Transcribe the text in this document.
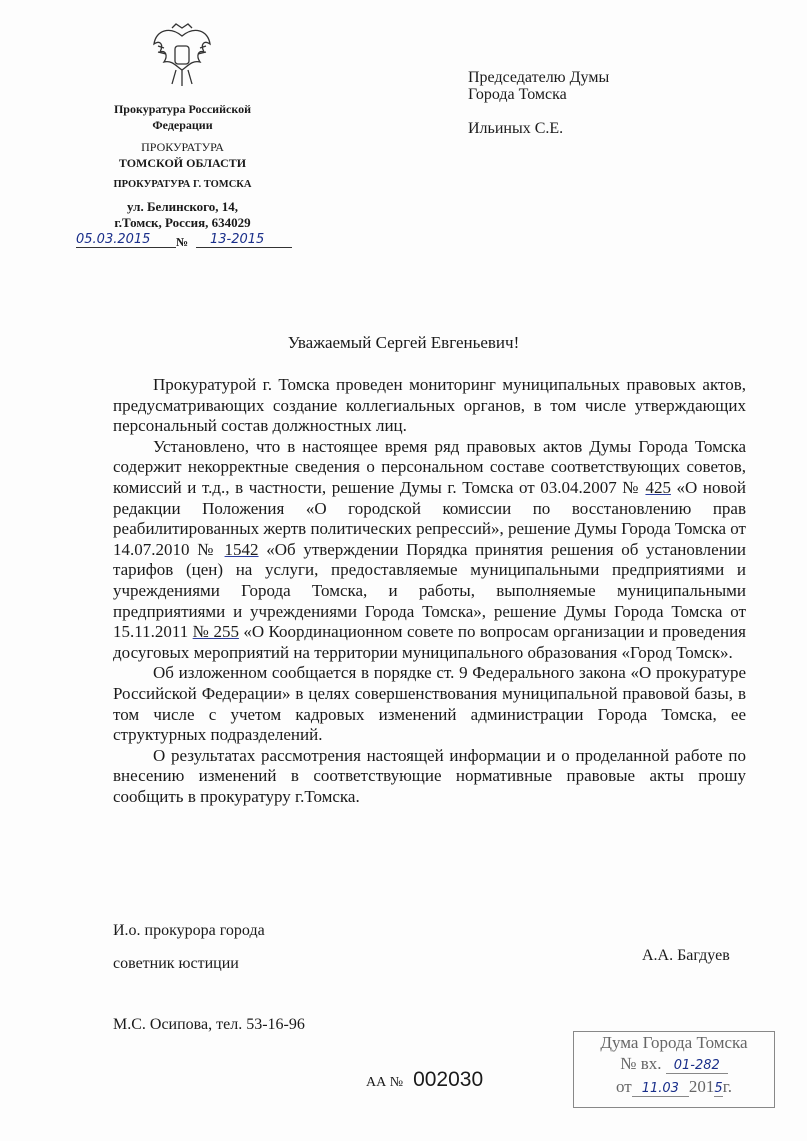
Прокуратура Российской
Федерации
ПРОКУРАТУРА
ТОМСКОЙ ОБЛАСТИ
ПРОКУРАТУРА Г. ТОМСКА
ул. Белинского, 14,
г.Томск, Россия, 634029
05.03.2015	№	13-2015
Председателю Думы
Города Томска
Ильиных С.Е.
Уважаемый Сергей Евгеньевич!

Прокуратурой г. Томска проведен мониторинг муниципальных правовых актов, предусматривающих создание коллегиальных органов, в том числе утверждающих персональный состав должностных лиц.

Установлено, что в настоящее время ряд правовых актов Думы Города Томска содержит некорректные сведения о персональном составе соответствующих советов, комиссий и т.д., в частности, решение Думы г. Томска от 03.04.2007 № 425 «О новой редакции Положения «О городской комиссии по восстановлению прав реабилитированных жертв политических репрессий», решение Думы Города Томска от 14.07.2010 № 1542 «Об утверждении Порядка принятия решения об установлении тарифов (цен) на услуги, предоставляемые муниципальными предприятиями и учреждениями Города Томска, и работы, выполняемые муниципальными предприятиями и учреждениями Города Томска», решение Думы Города Томска от 15.11.2011 № 255 «О Координационном совете по вопросам организации и проведения досуговых мероприятий на территории муниципального образования «Город Томск».

Об изложенном сообщается в порядке ст. 9 Федерального закона «О прокуратуре Российской Федерации» в целях совершенствования муниципальной правовой базы, в том числе с учетом кадровых изменений администрации Города Томска, ее структурных подразделений.

О результатах рассмотрения настоящей информации и о проделанной работе по внесению изменений в соответствующие нормативные правовые акты прошу сообщить в прокуратуру г.Томска.

И.о. прокурора города
советник юстиции	А.А. Багдуев
М.С. Осипова, тел. 53-16-96
АА № 002030
Дума Города Томска
№ вх. 01-282
от 11.03 2015г.
